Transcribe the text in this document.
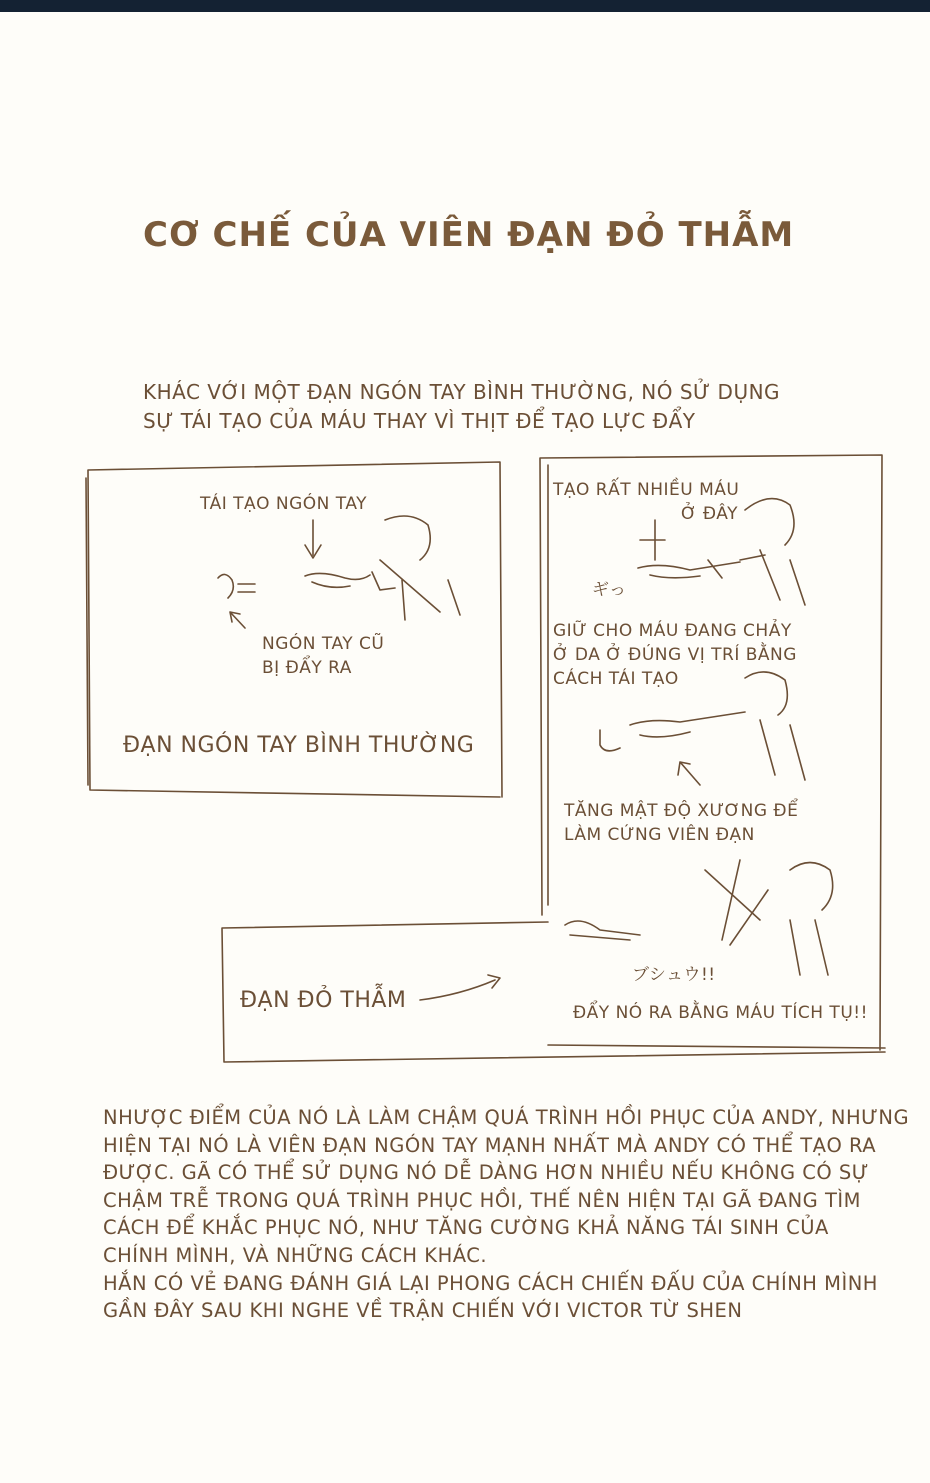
CƠ CHẾ CỦA VIÊN ĐẠN ĐỎ THẪM
KHÁC VỚI MỘT ĐẠN NGÓN TAY BÌNH THƯỜNG, NÓ SỬ DỤNG
SỰ TÁI TẠO CỦA MÁU THAY VÌ THỊT ĐỂ TẠO LỰC ĐẨY
TÁI TẠO NGÓN TAY
NGÓN TAY CŨ
BỊ ĐẨY RA
ĐẠN NGÓN TAY BÌNH THƯỜNG
TẠO RẤT NHIỀU MÁU
Ở ĐÂY
ギっ
GIỮ CHO MÁU ĐANG CHẢY
Ở DA Ở ĐÚNG VỊ TRÍ BẰNG
CÁCH TÁI TẠO
TĂNG MẬT ĐỘ XƯƠNG ĐỂ
LÀM CỨNG VIÊN ĐẠN
ブシュウ!!
ĐẨY NÓ RA BẰNG MÁU TÍCH TỤ!!
ĐẠN ĐỎ THẪM
NHƯỢC ĐIỂM CỦA NÓ LÀ LÀM CHẬM QUÁ TRÌNH HỒI PHỤC CỦA ANDY, NHƯNG
HIỆN TẠI NÓ LÀ VIÊN ĐẠN NGÓN TAY MẠNH NHẤT MÀ ANDY CÓ THỂ TẠO RA
ĐƯỢC. GÃ CÓ THỂ SỬ DỤNG NÓ DỄ DÀNG HƠN NHIỀU NẾU KHÔNG CÓ SỰ
CHẬM TRỄ TRONG QUÁ TRÌNH PHỤC HỒI, THẾ NÊN HIỆN TẠI GÃ ĐANG TÌM
CÁCH ĐỂ KHẮC PHỤC NÓ, NHƯ TĂNG CƯỜNG KHẢ NĂNG TÁI SINH CỦA
CHÍNH MÌNH, VÀ NHỮNG CÁCH KHÁC.
HẮN CÓ VẺ ĐANG ĐÁNH GIÁ LẠI PHONG CÁCH CHIẾN ĐẤU CỦA CHÍNH MÌNH
GẦN ĐÂY SAU KHI NGHE VỀ TRẬN CHIẾN VỚI VICTOR TỪ SHEN
